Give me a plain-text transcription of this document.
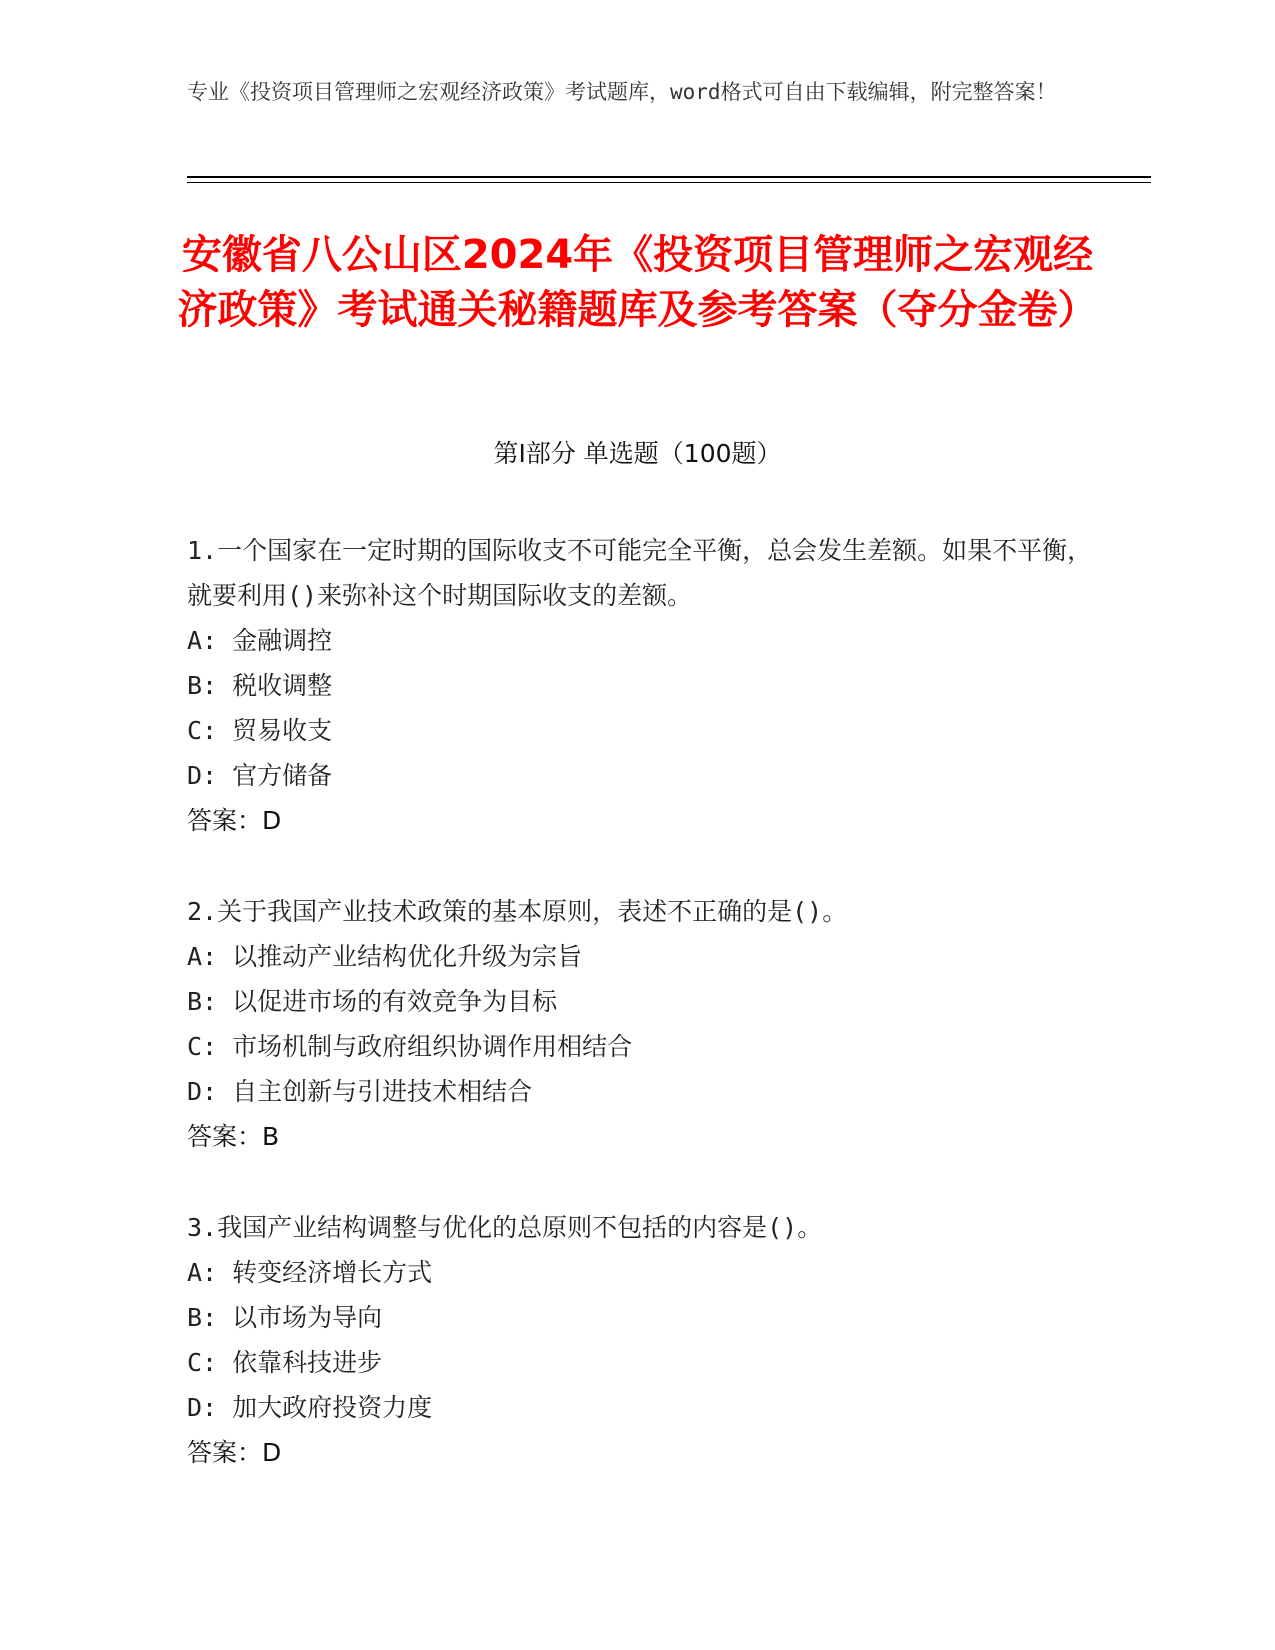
专业《投资项目管理师之宏观经济政策》考试题库，word格式可自由下载编辑，附完整答案！
安徽省八公山区2024年《投资项目管理师之宏观经济政策》考试通关秘籍题库及参考答案（夺分金卷）
第I部分 单选题（100题）
1.一个国家在一定时期的国际收支不可能完全平衡，总会发生差额。如果不平衡，就要利用()来弥补这个时期国际收支的差额。
A: 金融调控
B: 税收调整
C: 贸易收支
D: 官方储备
答案：D
2.关于我国产业技术政策的基本原则，表述不正确的是()。
A: 以推动产业结构优化升级为宗旨
B: 以促进市场的有效竞争为目标
C: 市场机制与政府组织协调作用相结合
D: 自主创新与引进技术相结合
答案：B
3.我国产业结构调整与优化的总原则不包括的内容是()。
A: 转变经济增长方式
B: 以市场为导向
C: 依靠科技进步
D: 加大政府投资力度
答案：D
